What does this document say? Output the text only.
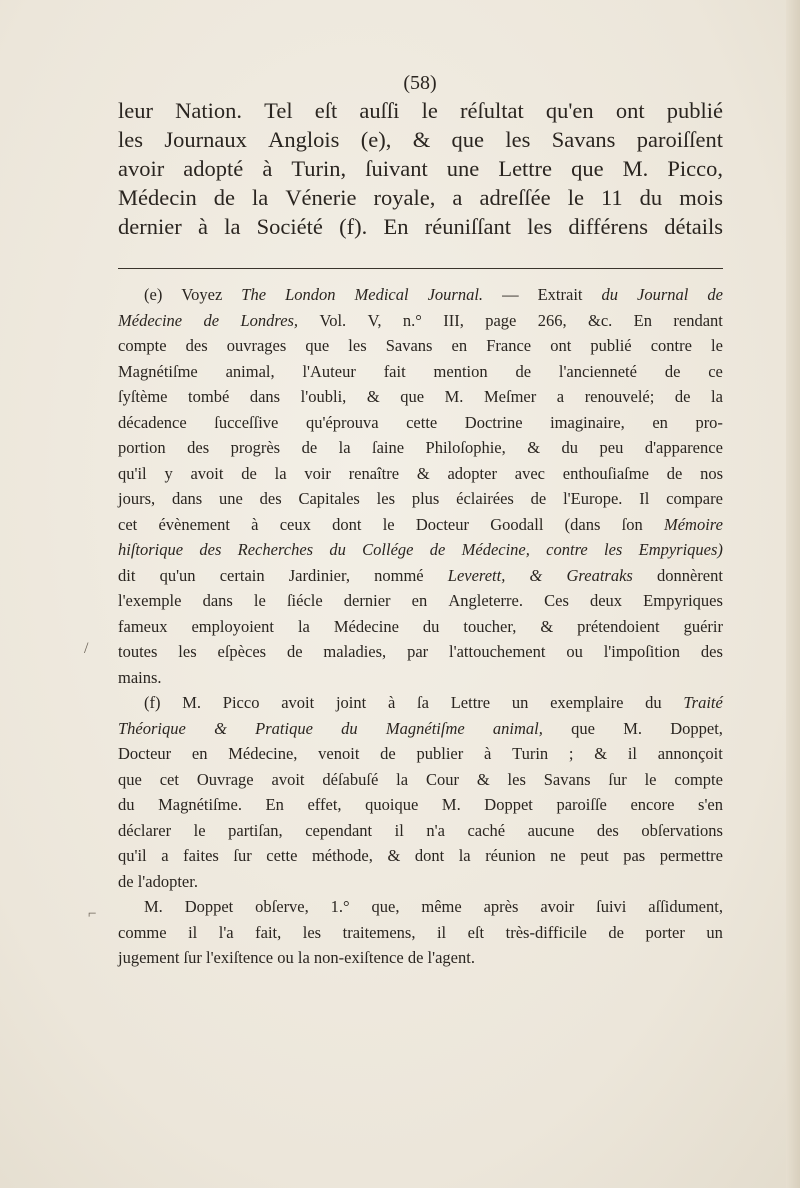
(58)
leur Nation. Tel eſt auſſi le réſultat qu'en ont publié
les Journaux Anglois (e), & que les Savans paroiſſent
avoir adopté à Turin, ſuivant une Lettre que M. Picco,
Médecin de la Vénerie royale, a adreſſée le 11 du mois
dernier à la Société (f). En réuniſſant les différens détails
(e) Voyez The London Medical Journal. — Extrait du Journal de
Médecine de Londres, Vol. V, n.° III, page 266, &c. En rendant
compte des ouvrages que les Savans en France ont publié contre le
Magnétiſme animal, l'Auteur fait mention de l'ancienneté de ce
ſyſtème tombé dans l'oubli, & que M. Meſmer a renouvelé; de la
décadence ſucceſſive qu'éprouva cette Doctrine imaginaire, en pro-
portion des progrès de la ſaine Philoſophie, & du peu d'apparence
qu'il y avoit de la voir renaître & adopter avec enthouſiaſme de nos
jours, dans une des Capitales les plus éclairées de l'Europe. Il compare
cet évènement à ceux dont le Docteur Goodall (dans ſon Mémoire
hiſtorique des Recherches du Collége de Médecine, contre les Empyriques)
dit qu'un certain Jardinier, nommé Leverett, & Greatraks donnèrent
l'exemple dans le ſiécle dernier en Angleterre. Ces deux Empyriques
fameux employoient la Médecine du toucher, & prétendoient guérir
toutes les eſpèces de maladies, par l'attouchement ou l'impoſition des
mains.
(f) M. Picco avoit joint à ſa Lettre un exemplaire du Traité
Théorique & Pratique du Magnétiſme animal, que M. Doppet,
Docteur en Médecine, venoit de publier à Turin ; & il annonçoit
que cet Ouvrage avoit déſabuſé la Cour & les Savans ſur le compte
du Magnétiſme. En effet, quoique M. Doppet paroiſſe encore s'en
déclarer le partiſan, cependant il n'a caché aucune des obſervations
qu'il a faites ſur cette méthode, & dont la réunion ne peut pas permettre
de
l'adopter.
M. Doppet obſerve, 1.° que, même après avoir ſuivi aſſidument,
comme il l'a fait, les traitemens, il eſt très-difficile de porter un
jugement
ſur
l'exiſtence
ou
la
non-exiſtence
de
l'agent.
/
⌐
